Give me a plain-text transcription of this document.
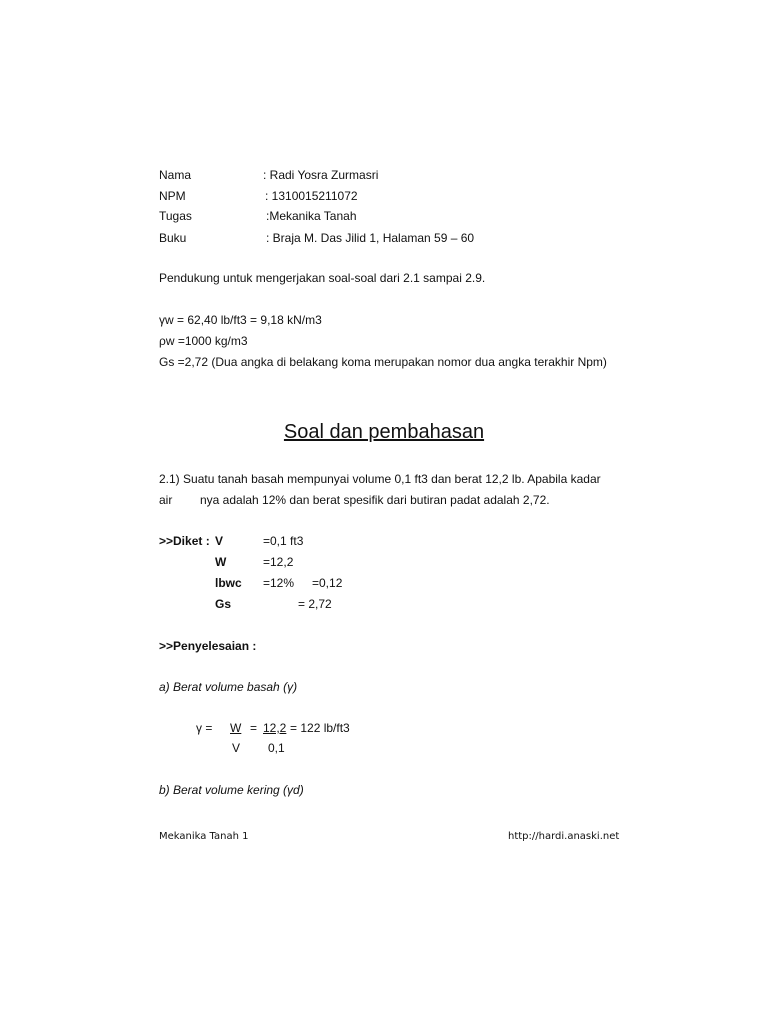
Nama	: Radi Yosra Zurmasri
NPM	: 1310015211072
Tugas	:Mekanika Tanah
Buku	: Braja M. Das Jilid 1, Halaman 59 – 60
Pendukung untuk mengerjakan soal-soal dari 2.1 sampai 2.9.
γw = 62,40 lb/ft3 = 9,18 kN/m3
ρw =1000 kg/m3
Gs =2,72 (Dua angka di belakang koma merupakan nomor dua angka terakhir Npm)
Soal dan pembahasan
2.1) Suatu tanah basah mempunyai volume 0,1 ft3 dan berat 12,2 lb. Apabila kadar
air nya adalah 12% dan berat spesifik dari butiran padat adalah 2,72.
>>Diket : V	=0,1 ft3
W	=12,2
lbwc =12% =0,12
Gs	= 2,72
>>Penyelesaian :
a) Berat volume basah (γ)
γ = W = 12,2 = 122 lb/ft3
V 0,1
b) Berat volume kering (γd)
Mekanika Tanah 1	http://hardi.anaski.net
